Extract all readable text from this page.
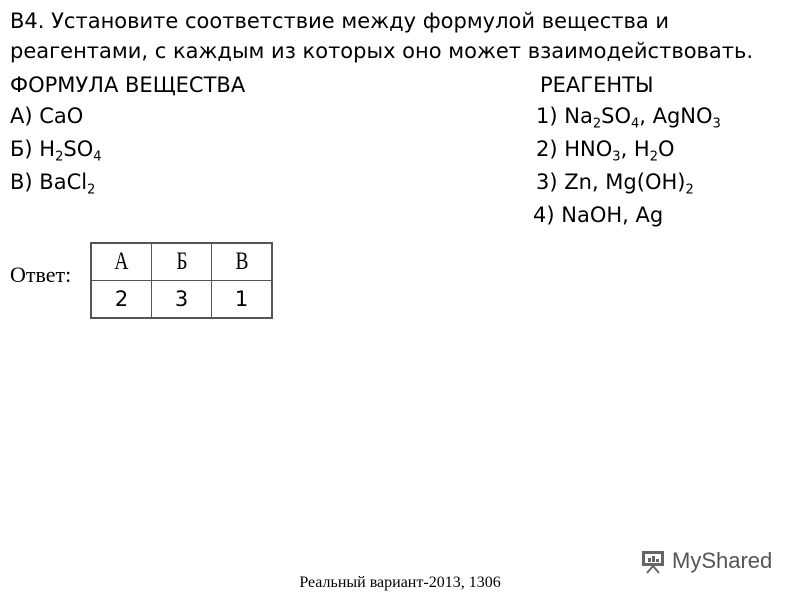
В4. Установите соответствие между формулой вещества и реагентами, с каждым из которых оно может взаимодействовать.
ФОРМУЛА ВЕЩЕСТВА	РЕАГЕНТЫ
А) CaO
Б) $H_2SO_4$
В) BaCl$_2$
1) $Na_2SO_4$, AgNO$_3$
2) $HNO_3$, $H_2O$
3) Zn, $Mg(OH)_2$
4) NaOH, Ag
Ответ: А	Б	В
2	3	1
MyShared
Реальный вариант-2013, 1306
